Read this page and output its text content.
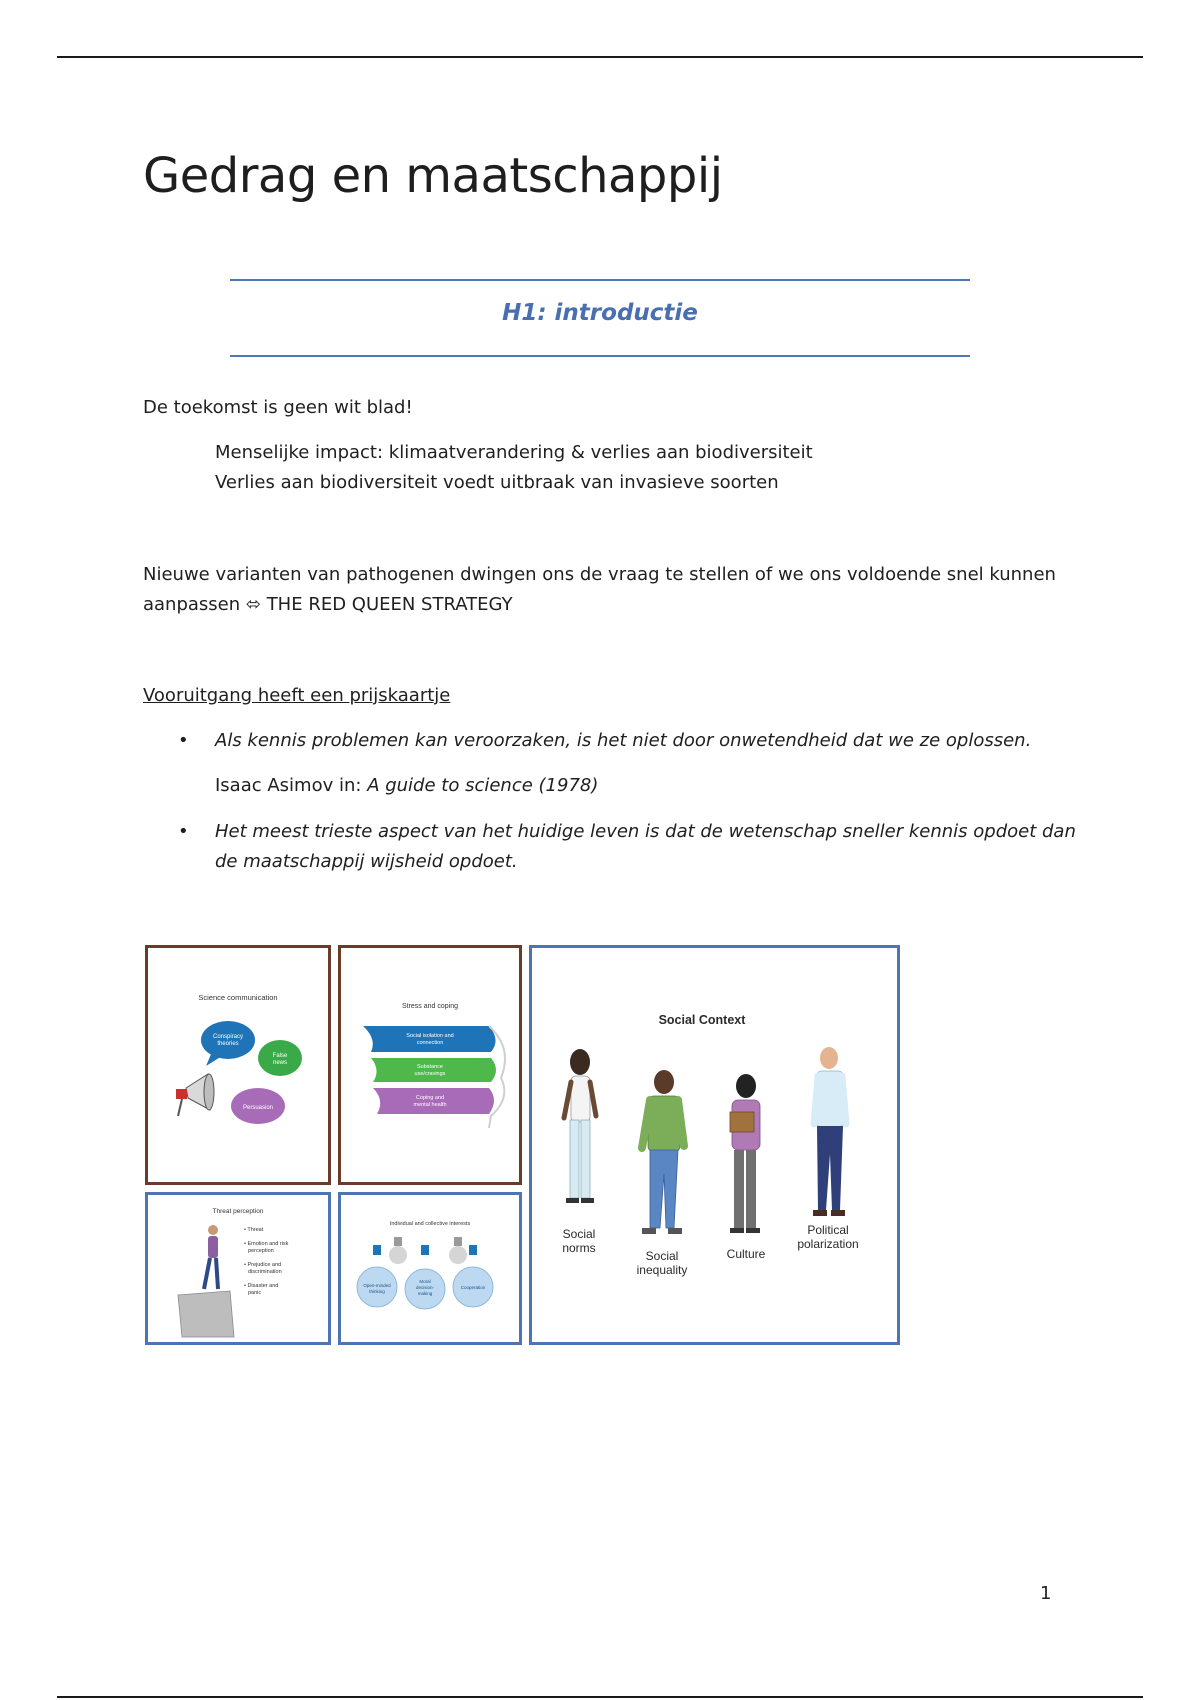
Gedrag en maatschappij
H1: introductie

De toekomst is geen wit blad!

Menselijke impact: klimaatverandering & verlies aan biodiversiteit

Verlies aan biodiversiteit voedt uitbraak van invasieve soorten

Nieuwe varianten van pathogenen dwingen ons de vraag te stellen of we ons voldoende snel kunnen

aanpassen ⬄ THE RED QUEEN STRATEGY

Vooruitgang heeft een prijskaartje

• Als kennis problemen kan veroorzaken, is het niet door onwetendheid dat we ze oplossen.

Isaac Asimov in: A guide to science (1978)

• Het meest trieste aspect van het huidige leven is dat de wetenschap sneller kennis opdoet dan

de maatschappij wijsheid opdoet.

Science communication
Conspiracy
theories
False
news
Persuasion
Stress and coping
Social isolation and
connection
Substance
use/cravings
Coping and
mental health
Social Context
Social
norms
Social
inequality
Culture
Political
polarization
Threat perception
• Threat
• Emotion and risk
perception
• Prejudice and
discrimination
• Disaster and
panic
Individual and collective interests
Open-minded
thinking
Moral
decision-
making
Cooperation
1
